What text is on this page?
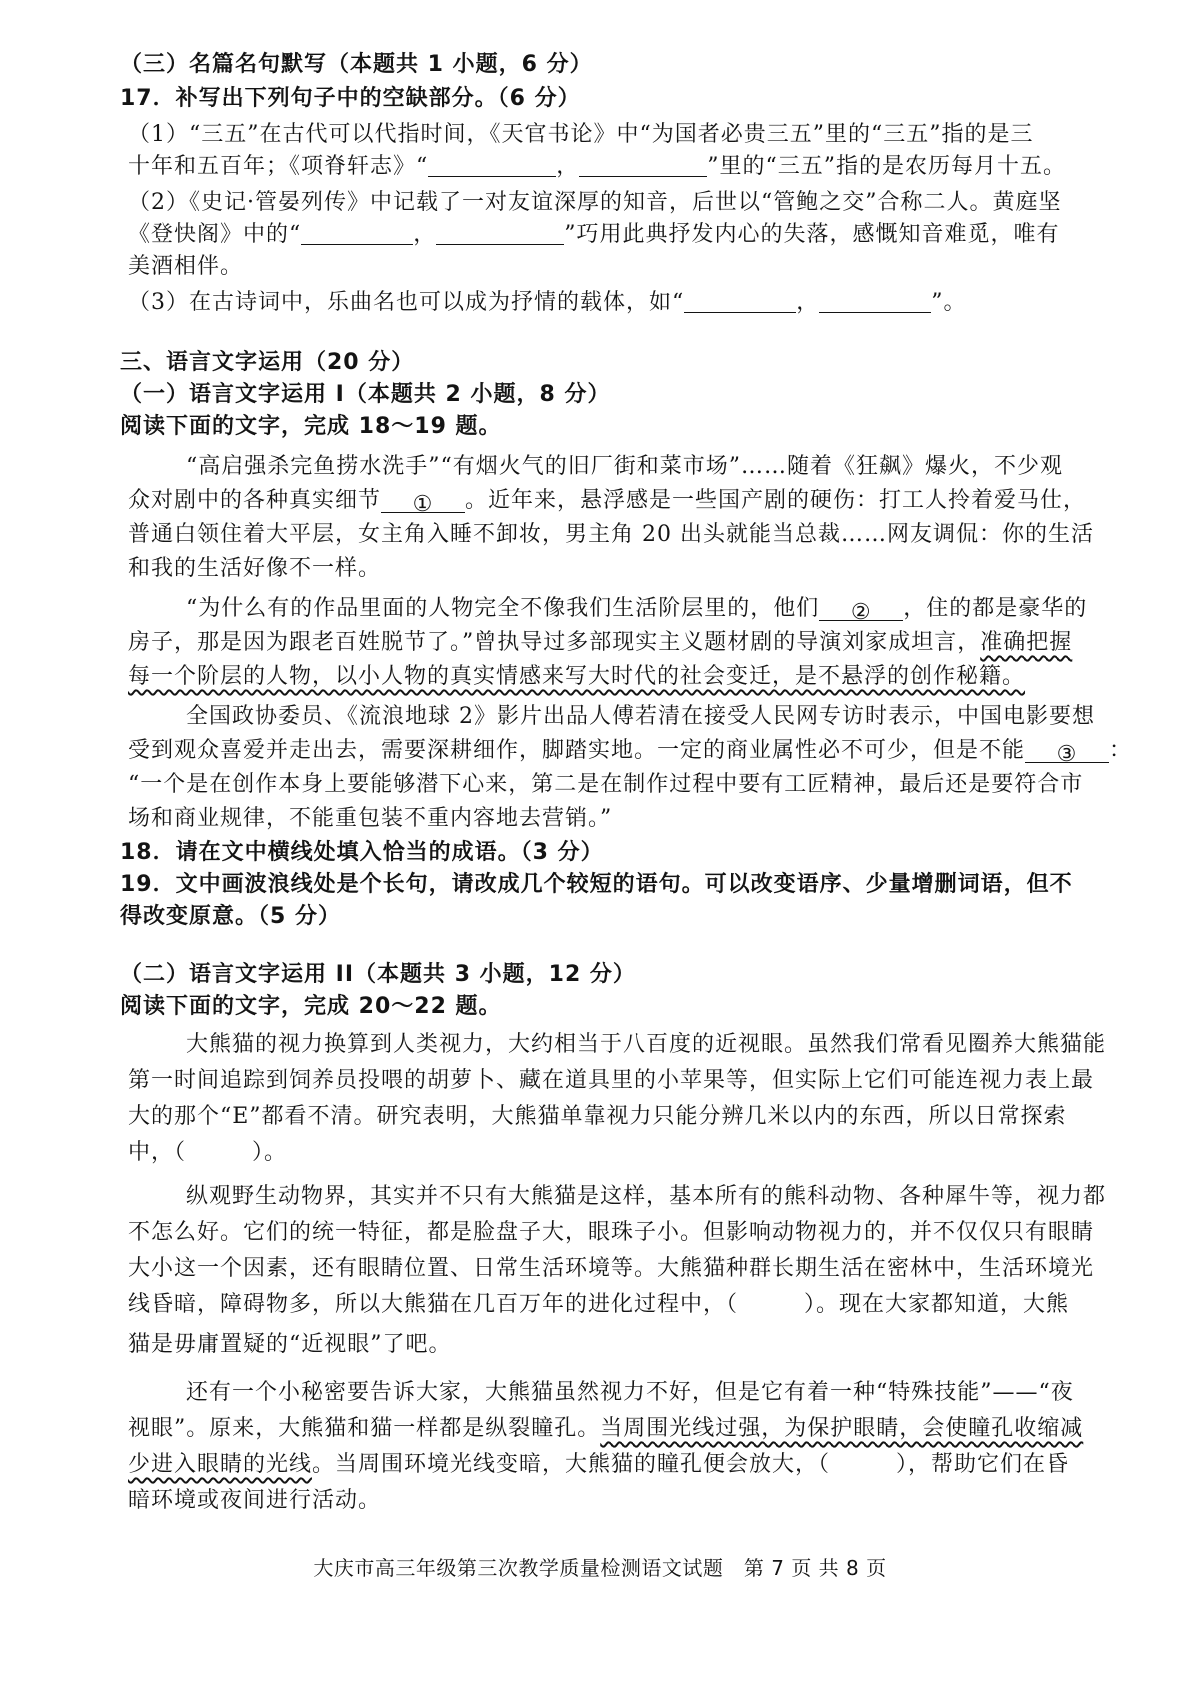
（三）名篇名句默写（本题共 1 小题，6 分）

17．补写出下列句子中的空缺部分。（6 分）

（1）“三五”在古代可以代指时间，《天官书论》中“为国者必贵三五”里的“三五”指的是三

十年和五百年；《项脊轩志》“	，	”里的“三五”指的是农历每月十五。

（2）《史记·管晏列传》中记载了一对友谊深厚的知音，后世以“管鲍之交”合称二人。黄庭坚

《登快阁》中的“	，	”巧用此典抒发内心的失落，感慨知音难觅，唯有

美酒相伴。

（3）在古诗词中，乐曲名也可以成为抒情的载体，如“	，	”。

三、语言文字运用（20 分）

（一）语言文字运用 I（本题共 2 小题，8 分）

阅读下面的文字，完成 18～19 题。

“高启强杀完鱼捞水洗手”“有烟火气的旧厂街和菜市场”……随着《狂飙》爆火，不少观

众对剧中的各种真实细节 ① 。近年来，悬浮感是一些国产剧的硬伤：打工人拎着爱马仕，

普通白领住着大平层，女主角入睡不卸妆，男主角 20 出头就能当总裁……网友调侃：你的生活

和我的生活好像不一样。

“为什么有的作品里面的人物完全不像我们生活阶层里的，他们 ② ，住的都是豪华的

房子，那是因为跟老百姓脱节了。”曾执导过多部现实主义题材剧的导演刘家成坦言，准确把握

每一个阶层的人物，以小人物的真实情感来写大时代的社会变迁，是不悬浮的创作秘籍。

全国政协委员、《流浪地球 2》影片出品人傅若清在接受人民网专访时表示，中国电影要想

受到观众喜爱并走出去，需要深耕细作，脚踏实地。一定的商业属性必不可少，但是不能 ③ ：

“一个是在创作本身上要能够潜下心来，第二是在制作过程中要有工匠精神，最后还是要符合市

场和商业规律，不能重包装不重内容地去营销。”

18．请在文中横线处填入恰当的成语。（3 分）

19．文中画波浪线处是个长句，请改成几个较短的语句。可以改变语序、少量增删词语，但不

得改变原意。（5 分）

（二）语言文字运用 II（本题共 3 小题，12 分）

阅读下面的文字，完成 20～22 题。

大熊猫的视力换算到人类视力，大约相当于八百度的近视眼。虽然我们常看见圈养大熊猫能

第一时间追踪到饲养员投喂的胡萝卜、藏在道具里的小苹果等，但实际上它们可能连视力表上最

大的那个“E”都看不清。研究表明，大熊猫单靠视力只能分辨几米以内的东西，所以日常探索

中，（	）。

纵观野生动物界，其实并不只有大熊猫是这样，基本所有的熊科动物、各种犀牛等，视力都

不怎么好。它们的统一特征，都是脸盘子大，眼珠子小。但影响动物视力的，并不仅仅只有眼睛

大小这一个因素，还有眼睛位置、日常生活环境等。大熊猫种群长期生活在密林中，生活环境光

线昏暗，障碍物多，所以大熊猫在几百万年的进化过程中，（	）。现在大家都知道，大熊

猫是毋庸置疑的“近视眼”了吧。

还有一个小秘密要告诉大家，大熊猫虽然视力不好，但是它有着一种“特殊技能”——“夜

视眼”。原来，大熊猫和猫一样都是纵裂瞳孔。当周围光线过强，为保护眼睛，会使瞳孔收缩减

少进入眼睛的光线。当周围环境光线变暗，大熊猫的瞳孔便会放大，（	），帮助它们在昏

暗环境或夜间进行活动。

大庆市高三年级第三次教学质量检测语文试题　第 7 页 共 8 页
